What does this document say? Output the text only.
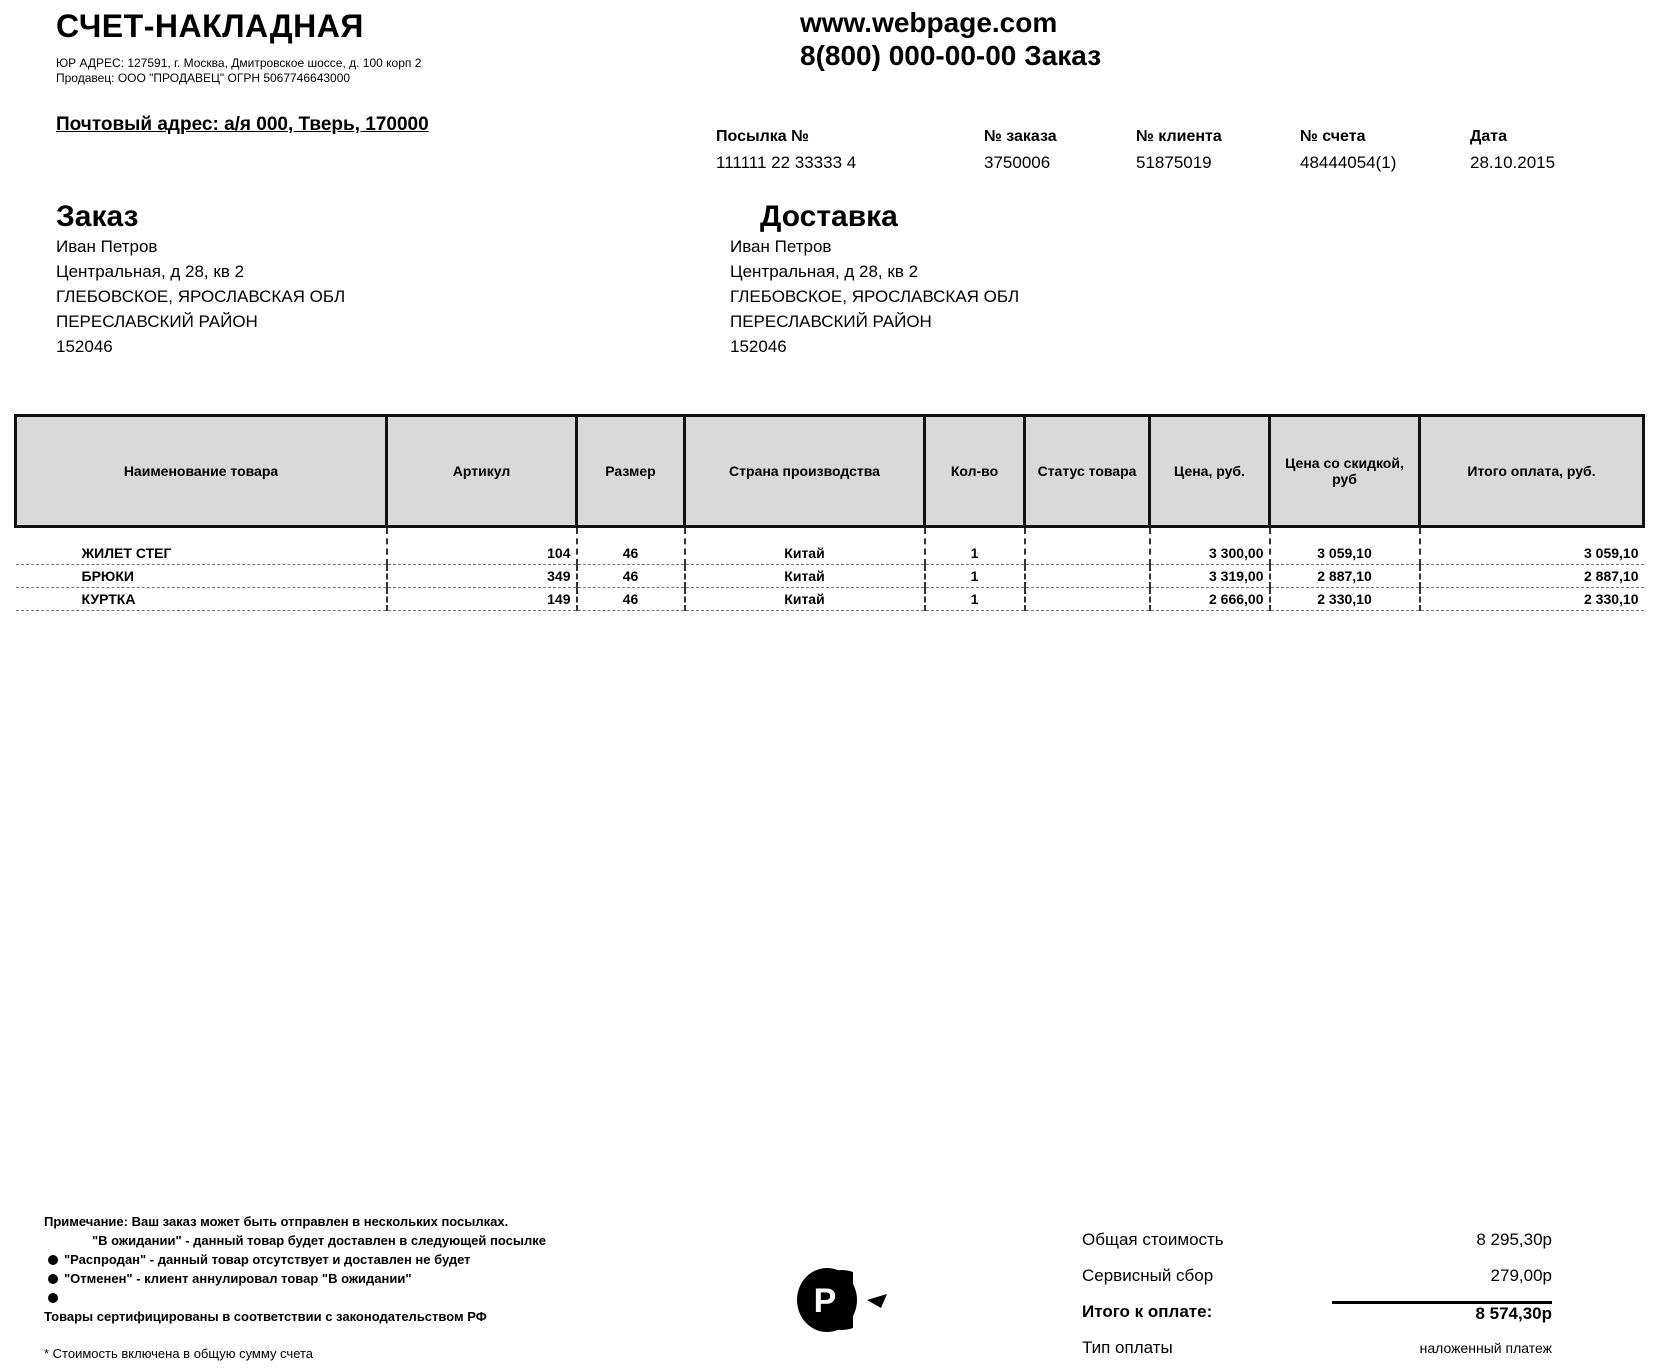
СЧЕТ-НАКЛАДНАЯ
ЮР АДРЕС: 127591, г. Москва, Дмитровское шоссе, д. 100 корп 2
Продавец: ООО "ПРОДАВЕЦ" ОГРН 5067746643000
Почтовый адрес: а/я 000, Тверь, 170000
www.webpage.com
8(800) 000-00-00 Заказ
Посылка №
111111 22 33333 4
№ заказа
3750006
№ клиента
51875019
№ счета
48444054(1)
Дата
28.10.2015
Заказ
Иван Петров
Центральная, д 28, кв 2
ГЛЕБОВСКОЕ, ЯРОСЛАВСКАЯ ОБЛ
ПЕРЕСЛАВСКИЙ РАЙОН
152046
Доставка
Иван Петров
Центральная, д 28, кв 2
ГЛЕБОВСКОЕ, ЯРОСЛАВСКАЯ ОБЛ
ПЕРЕСЛАВСКИЙ РАЙОН
152046
Наименование товара	Артикул	Размер	Страна производства	Кол-во	Статус товара	Цена, руб.	Цена со скидкой, руб	Итого оплата, руб.
ЖИЛЕТ СТЕГ	104	46	Китай	1		3 300,00	3 059,10	3 059,10
БРЮКИ	349	46	Китай	1		3 319,00	2 887,10	2 887,10
КУРТКА	149	46	Китай	1		2 666,00	2 330,10	2 330,10
Примечание: Ваш заказ может быть отправлен в нескольких посылках.
"В ожидании" - данный товар будет доставлен в следующей посылке
"Распродан" - данный товар отсутствует и доставлен не будет
"Отменен" - клиент аннулировал товар "В ожидании"

Товары сертифицированы в соответствии с законодательством РФ
* Стоимость включена в общую сумму счета
P
Общая стоимость	8 295,30р
Сервисный сбор	279,00р
Итого к оплате:	8 574,30р
Тип оплаты	наложенный платеж
